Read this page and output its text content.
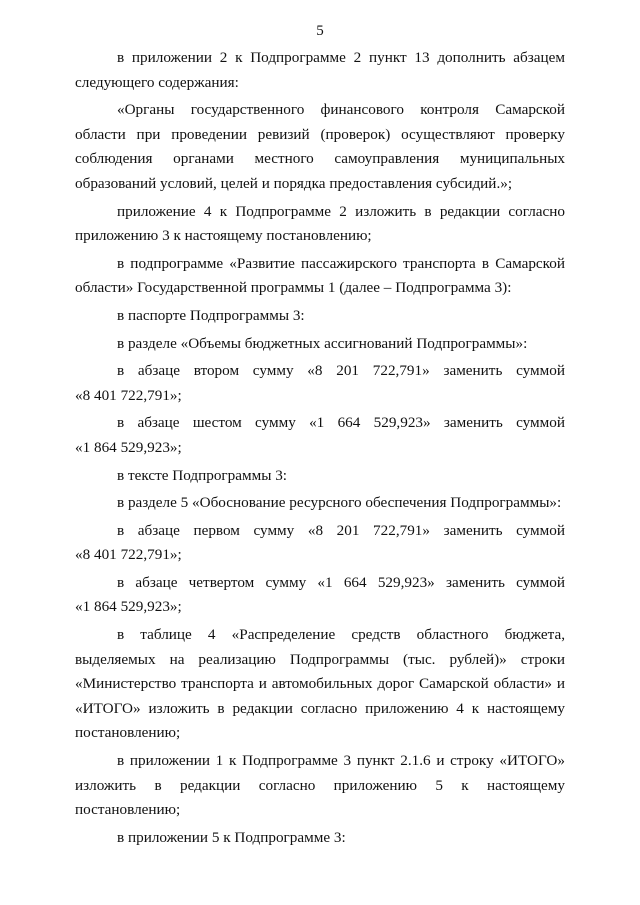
5
в приложении 2 к Подпрограмме 2 пункт 13 дополнить абзацем
следующего содержания:
«Органы государственного финансового контроля Самарской
области при проведении ревизий (проверок) осуществляют проверку
соблюдения органами местного самоуправления муниципальных
образований условий, целей и порядка предоставления субсидий.»;
приложение 4 к Подпрограмме 2 изложить в редакции согласно
приложению 3 к настоящему постановлению;
в подпрограмме «Развитие пассажирского транспорта в Самарской
области» Государственной программы 1 (далее – Подпрограмма 3):
в паспорте Подпрограммы 3:
в разделе «Объемы бюджетных ассигнований Подпрограммы»:
в абзаце втором сумму «8 201 722,791» заменить суммой
«8 401 722,791»;
в абзаце шестом сумму «1 664 529,923» заменить суммой
«1 864 529,923»;
в тексте Подпрограммы 3:
в разделе 5 «Обоснование ресурсного обеспечения Подпрограммы»:
в абзаце первом сумму «8 201 722,791» заменить суммой
«8 401 722,791»;
в абзаце четвертом сумму «1 664 529,923» заменить суммой
«1 864 529,923»;
в таблице 4 «Распределение средств областного бюджета,
выделяемых на реализацию Подпрограммы (тыс. рублей)» строки
«Министерство транспорта и автомобильных дорог Самарской области» и
«ИТОГО» изложить в редакции согласно приложению 4 к настоящему
постановлению;
в приложении 1 к Подпрограмме 3 пункт 2.1.6 и строку «ИТОГО»
изложить в редакции согласно приложению 5 к настоящему
постановлению;
в приложении 5 к Подпрограмме 3:
